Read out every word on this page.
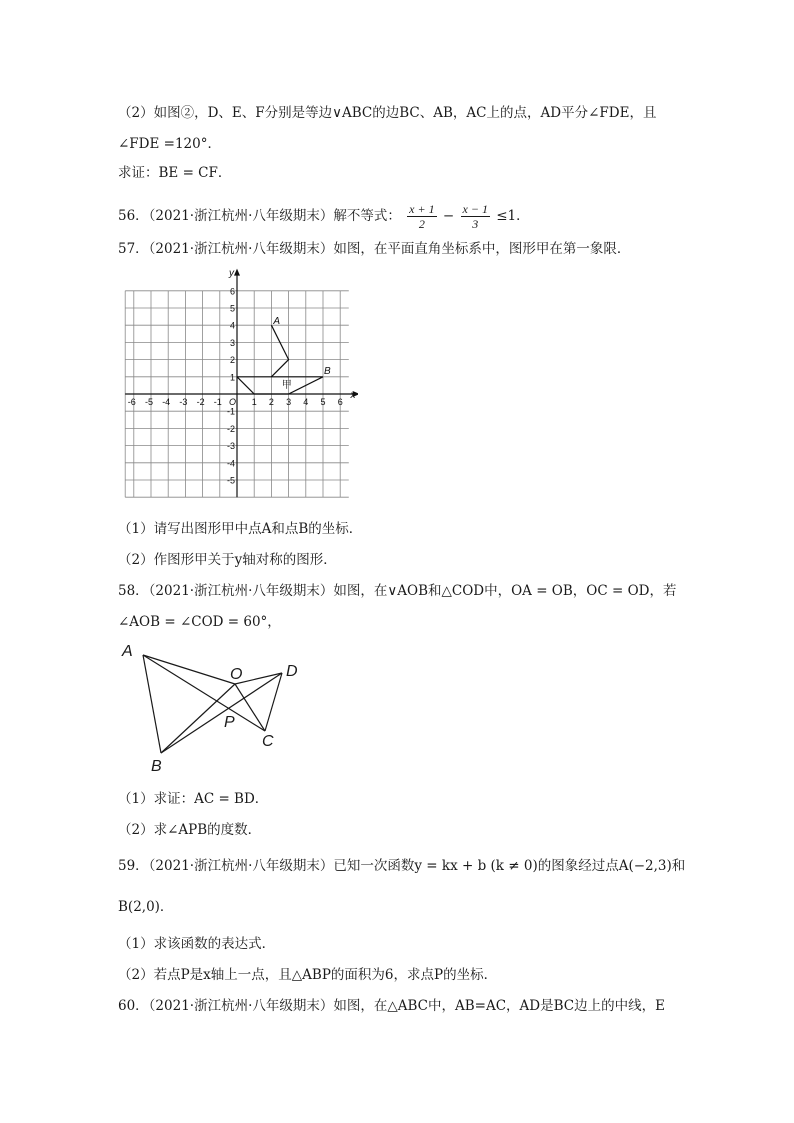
（2）如图②，D、E、F分别是等边∨ABC的边BC、AB，AC上的点，AD平分∠FDE，且
∠FDE =120°．
求证：BE = CF．
56．（2021·浙江杭州·八年级期末）解不等式： $\frac{x + 1}{2} - \frac{x - 1}{3} \le 1$．
57．（2021·浙江杭州·八年级期末）如图，在平面直角坐标系中，图形甲在第一象限．
-6 -5 -4 -3 -2 -1	1 2 3 4 5 6
6
5
4
3
2
1
-1
-2
-3
-4
-5
O
x
y
A
B
甲
（1）请写出图形甲中点A和点B的坐标．
（2）作图形甲关于y轴对称的图形．
58．（2021·浙江杭州·八年级期末）如图，在∨AOB和△COD中，OA = OB，OC = OD，若
∠AOB = ∠COD = 60°，
A
B
O	D
P
C
（1）求证：AC = BD．
（2）求∠APB的度数．
59．（2021·浙江杭州·八年级期末）已知一次函数y = kx + b (k ≠ 0)的图象经过点A(−2,3)和
B(2,0)．
（1）求该函数的表达式．
（2）若点P是x轴上一点，且△ABP的面积为6，求点P的坐标．
60．（2021·浙江杭州·八年级期末）如图，在△ABC中，AB=AC，AD是BC边上的中线，E
